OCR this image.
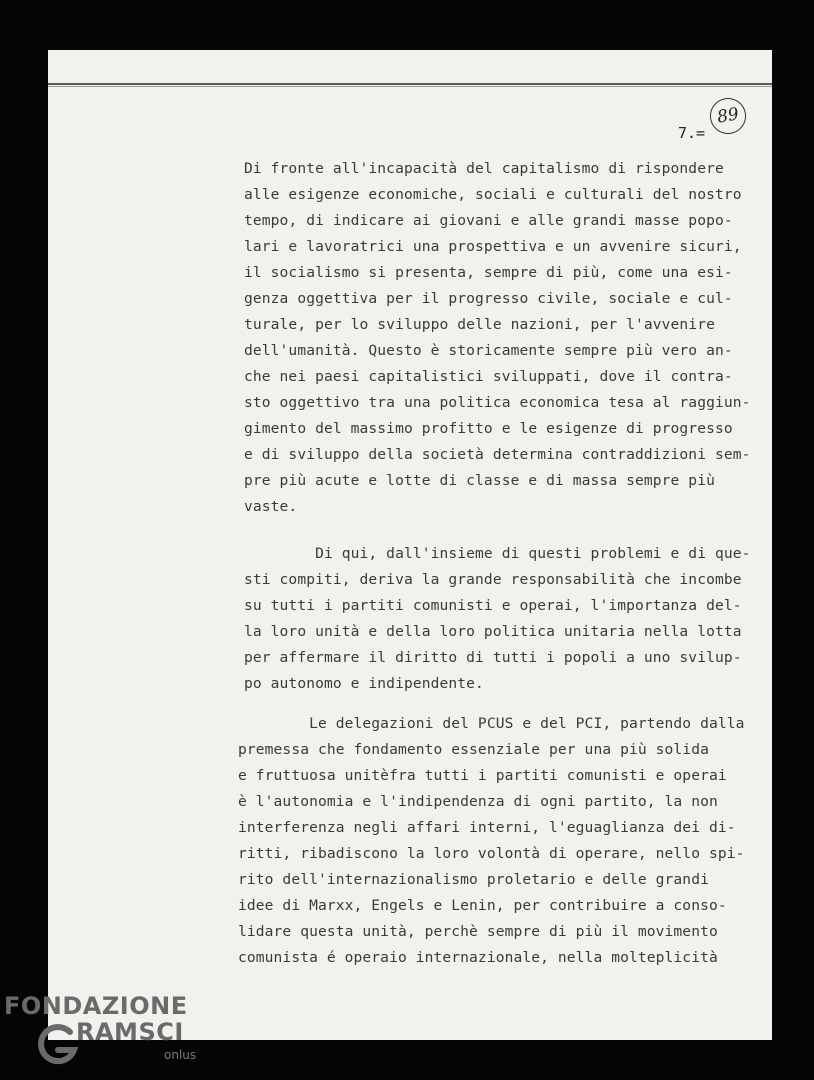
89
7.=
Di fronte all'incapacità del capitalismo di rispondere
alle esigenze economiche, sociali e culturali del nostro
tempo, di indicare ai giovani e alle grandi masse popo-
lari e lavoratrici una prospettiva e un avvenire sicuri,
il socialismo si presenta, sempre di più, come una esi-
genza oggettiva per il progresso civile, sociale e cul-
turale, per lo sviluppo delle nazioni, per l'avvenire
dell'umanità. Questo è storicamente sempre più vero an-
che nei paesi capitalistici sviluppati, dove il contra-
sto oggettivo tra una politica economica tesa al raggiun-
gimento del massimo profitto e le esigenze di progresso
e di sviluppo della società determina contraddizioni sem-
pre più acute e lotte di classe e di massa sempre più
vaste.
Di qui, dall'insieme di questi problemi e di que-
sti compiti, deriva la grande responsabilità che incombe
su tutti i partiti comunisti e operai, l'importanza del-
la loro unità e della loro politica unitaria nella lotta
per affermare il diritto di tutti i popoli a uno svilup-
po autonomo e indipendente.
Le delegazioni del PCUS e del PCI, partendo dalla
premessa che fondamento essenziale per una più solida
e fruttuosa unitèfra tutti i partiti comunisti e operai
è l'autonomia e l'indipendenza di ogni partito, la non
interferenza negli affari interni, l'eguaglianza dei di-
ritti, ribadiscono la loro volontà di operare, nello spi-
rito dell'internazionalismo proletario e delle grandi
idee di Marxx, Engels e Lenin, per contribuire a conso-
lidare questa unità, perchè sempre di più il movimento
comunista é operaio internazionale, nella molteplicità
FONDAZIONE
RAMSCI
onlus
